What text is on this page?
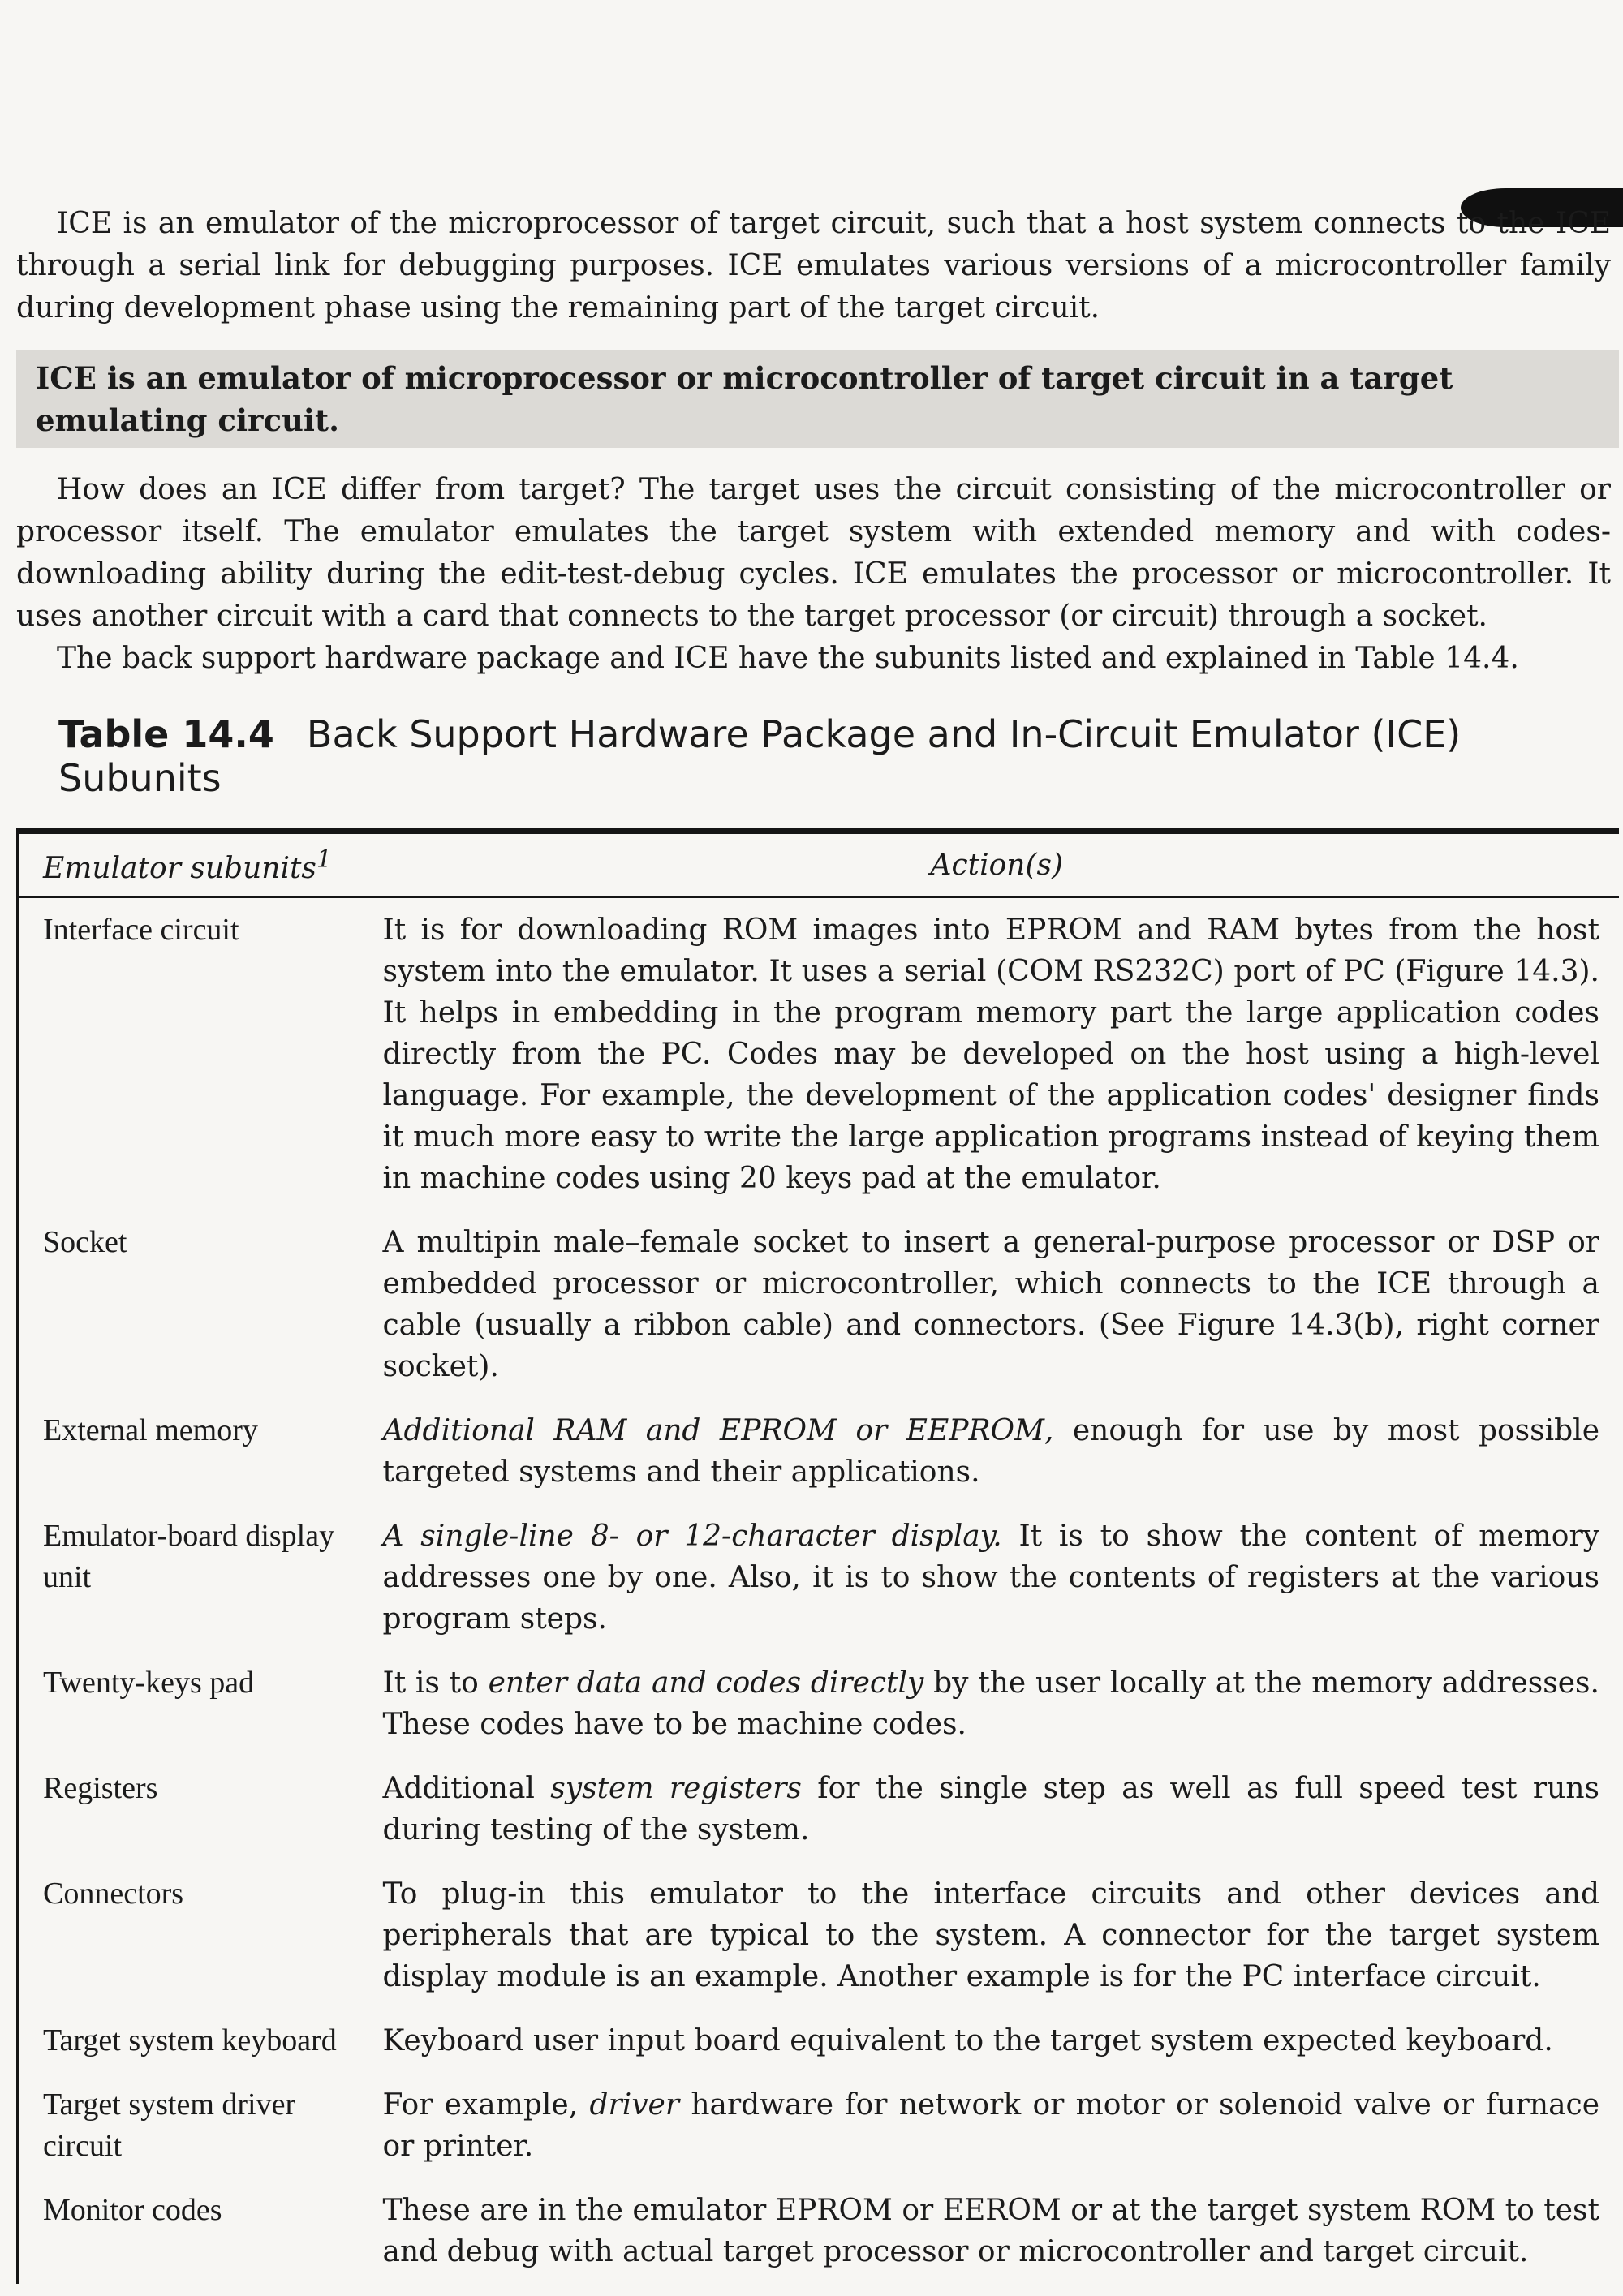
ICE is an emulator of the microprocessor of target circuit, such that a host system connects to the ICE through a serial link for debugging purposes. ICE emulates various versions of a microcontroller family during development phase using the remaining part of the target circuit.

ICE is an emulator of microprocessor or microcontroller of target circuit in a target emulating circuit.

How does an ICE differ from target? The target uses the circuit consisting of the microcontroller or processor itself. The emulator emulates the target system with extended memory and with codes-downloading ability during the edit-test-debug cycles. ICE emulates the processor or microcontroller. It uses another circuit with a card that connects to the target processor (or circuit) through a socket.

The back support hardware package and ICE have the subunits listed and explained in Table 14.4.

Table 14.4 Back Support Hardware Package and In-Circuit Emulator (ICE) Subunits
Emulator subunits$^1$	Action(s)
Interface circuit	It is for downloading ROM images into EPROM and RAM bytes from the host system into the emulator. It uses a serial (COM RS232C) port of PC (Figure 14.3). It helps in embedding in the program memory part the large application codes directly from the PC. Codes may be developed on the host using a high-level language. For example, the development of the application codes' designer finds it much more easy to write the large application programs instead of keying them in machine codes using 20 keys pad at the emulator.
Socket	A multipin male–female socket to insert a general-purpose processor or DSP or embedded processor or microcontroller, which connects to the ICE through a cable (usually a ribbon cable) and connectors. (See Figure 14.3(b), right corner socket).
External memory	Additional RAM and EPROM or EEPROM, enough for use by most possible targeted systems and their applications.
Emulator-board display unit	A single-line 8- or 12-character display. It is to show the content of memory addresses one by one. Also, it is to show the contents of registers at the various program steps.
Twenty-keys pad	It is to enter data and codes directly by the user locally at the memory addresses. These codes have to be machine codes.
Registers	Additional system registers for the single step as well as full speed test runs during testing of the system.
Connectors	To plug-in this emulator to the interface circuits and other devices and peripherals that are typical to the system. A connector for the target system display module is an example. Another example is for the PC interface circuit.
Target system keyboard	Keyboard user input board equivalent to the target system expected keyboard.
Target system driver circuit	For example, driver hardware for network or motor or solenoid valve or furnace or printer.
Monitor codes	These are in the emulator EPROM or EEROM or at the target system ROM to test and debug with actual target processor or microcontroller and target circuit.
